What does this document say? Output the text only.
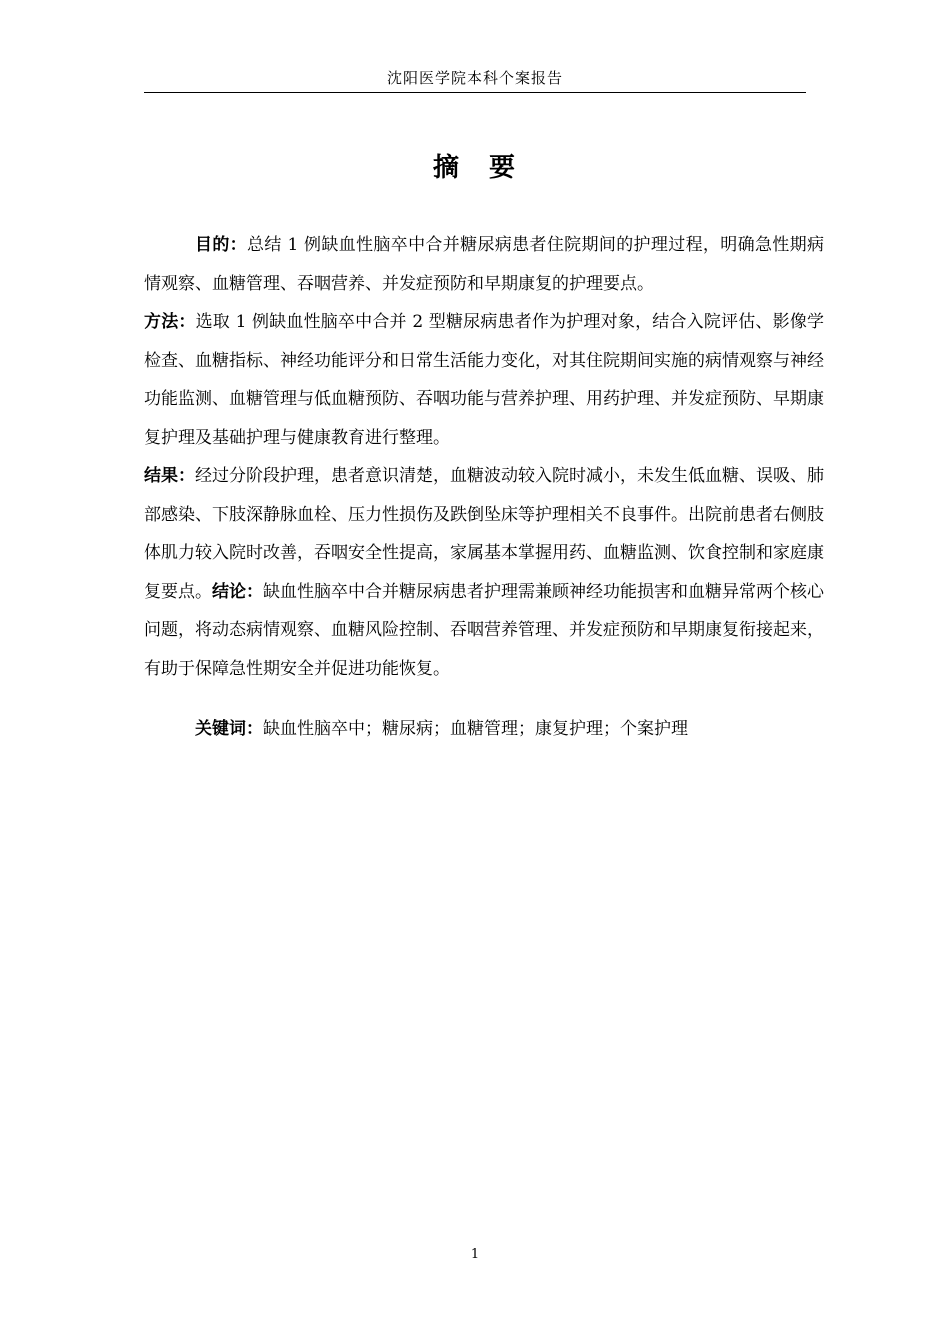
沈阳医学院本科个案报告
摘 要

目的：总结 1 例缺血性脑卒中合并糖尿病患者住院期间的护理过程，明确急性期病情观察、血糖管理、吞咽营养、并发症预防和早期康复的护理要点。

方法：选取 1 例缺血性脑卒中合并 2 型糖尿病患者作为护理对象，结合入院评估、影像学检查、血糖指标、神经功能评分和日常生活能力变化，对其住院期间实施的病情观察与神经功能监测、血糖管理与低血糖预防、吞咽功能与营养护理、用药护理、并发症预防、早期康复护理及基础护理与健康教育进行整理。

结果：经过分阶段护理，患者意识清楚，血糖波动较入院时减小，未发生低血糖、误吸、肺部感染、下肢深静脉血栓、压力性损伤及跌倒坠床等护理相关不良事件。出院前患者右侧肢体肌力较入院时改善，吞咽安全性提高，家属基本掌握用药、血糖监测、饮食控制和家庭康复要点。结论：缺血性脑卒中合并糖尿病患者护理需兼顾神经功能损害和血糖异常两个核心问题，将动态病情观察、血糖风险控制、吞咽营养管理、并发症预防和早期康复衔接起来，有助于保障急性期安全并促进功能恢复。

关键词：缺血性脑卒中；糖尿病；血糖管理；康复护理；个案护理
1
